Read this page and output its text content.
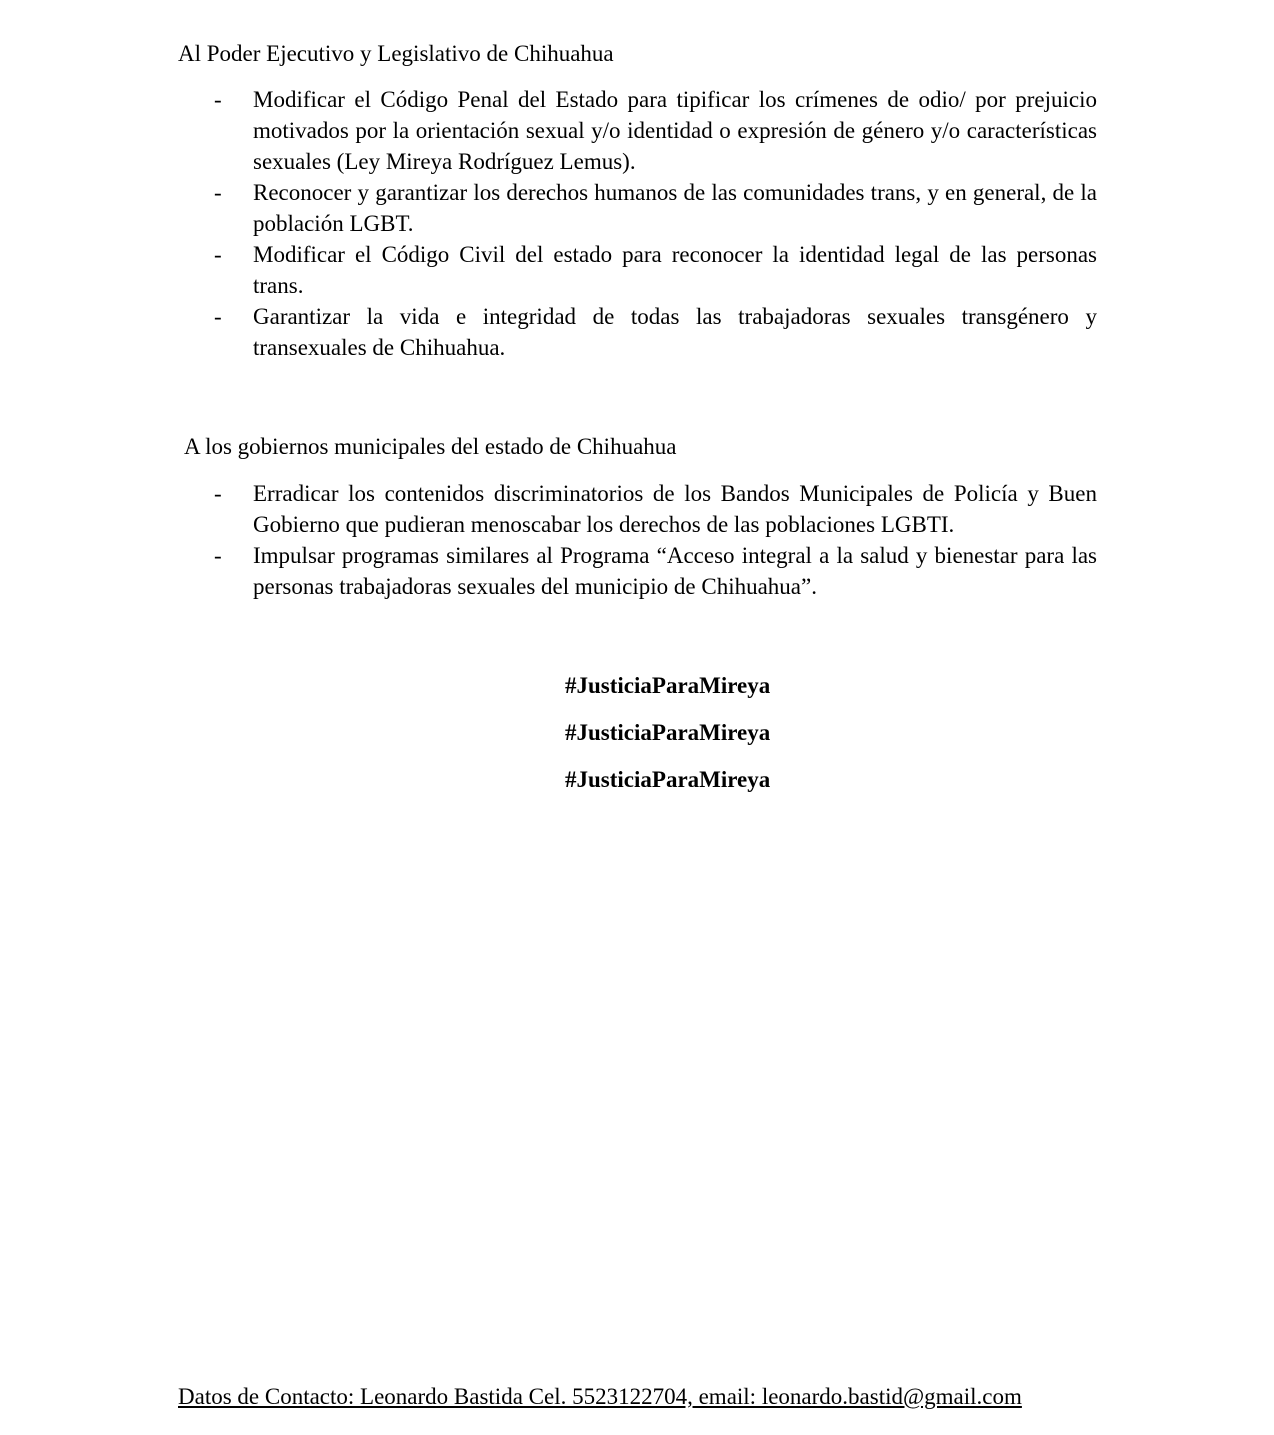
Al Poder Ejecutivo y Legislativo de Chihuahua
- Modificar el Código Penal del Estado para tipificar los crímenes de odio/ por prejuicio motivados por la orientación sexual y/o identidad o expresión de género y/o características sexuales (Ley Mireya Rodríguez Lemus).
- Reconocer y garantizar los derechos humanos de las comunidades trans, y en general, de la población LGBT.
- Modificar el Código Civil del estado para reconocer la identidad legal de las personas trans.
- Garantizar la vida e integridad de todas las trabajadoras sexuales transgénero y transexuales de Chihuahua.
A los gobiernos municipales del estado de Chihuahua
- Erradicar los contenidos discriminatorios de los Bandos Municipales de Policía y Buen Gobierno que pudieran menoscabar los derechos de las poblaciones LGBTI.
- Impulsar programas similares al Programa “Acceso integral a la salud y bienestar para las personas trabajadoras sexuales del municipio de Chihuahua”.
#JusticiaParaMireya
#JusticiaParaMireya
#JusticiaParaMireya
Datos de Contacto: Leonardo Bastida Cel. 5523122704, email: leonardo.bastid@gmail.com
